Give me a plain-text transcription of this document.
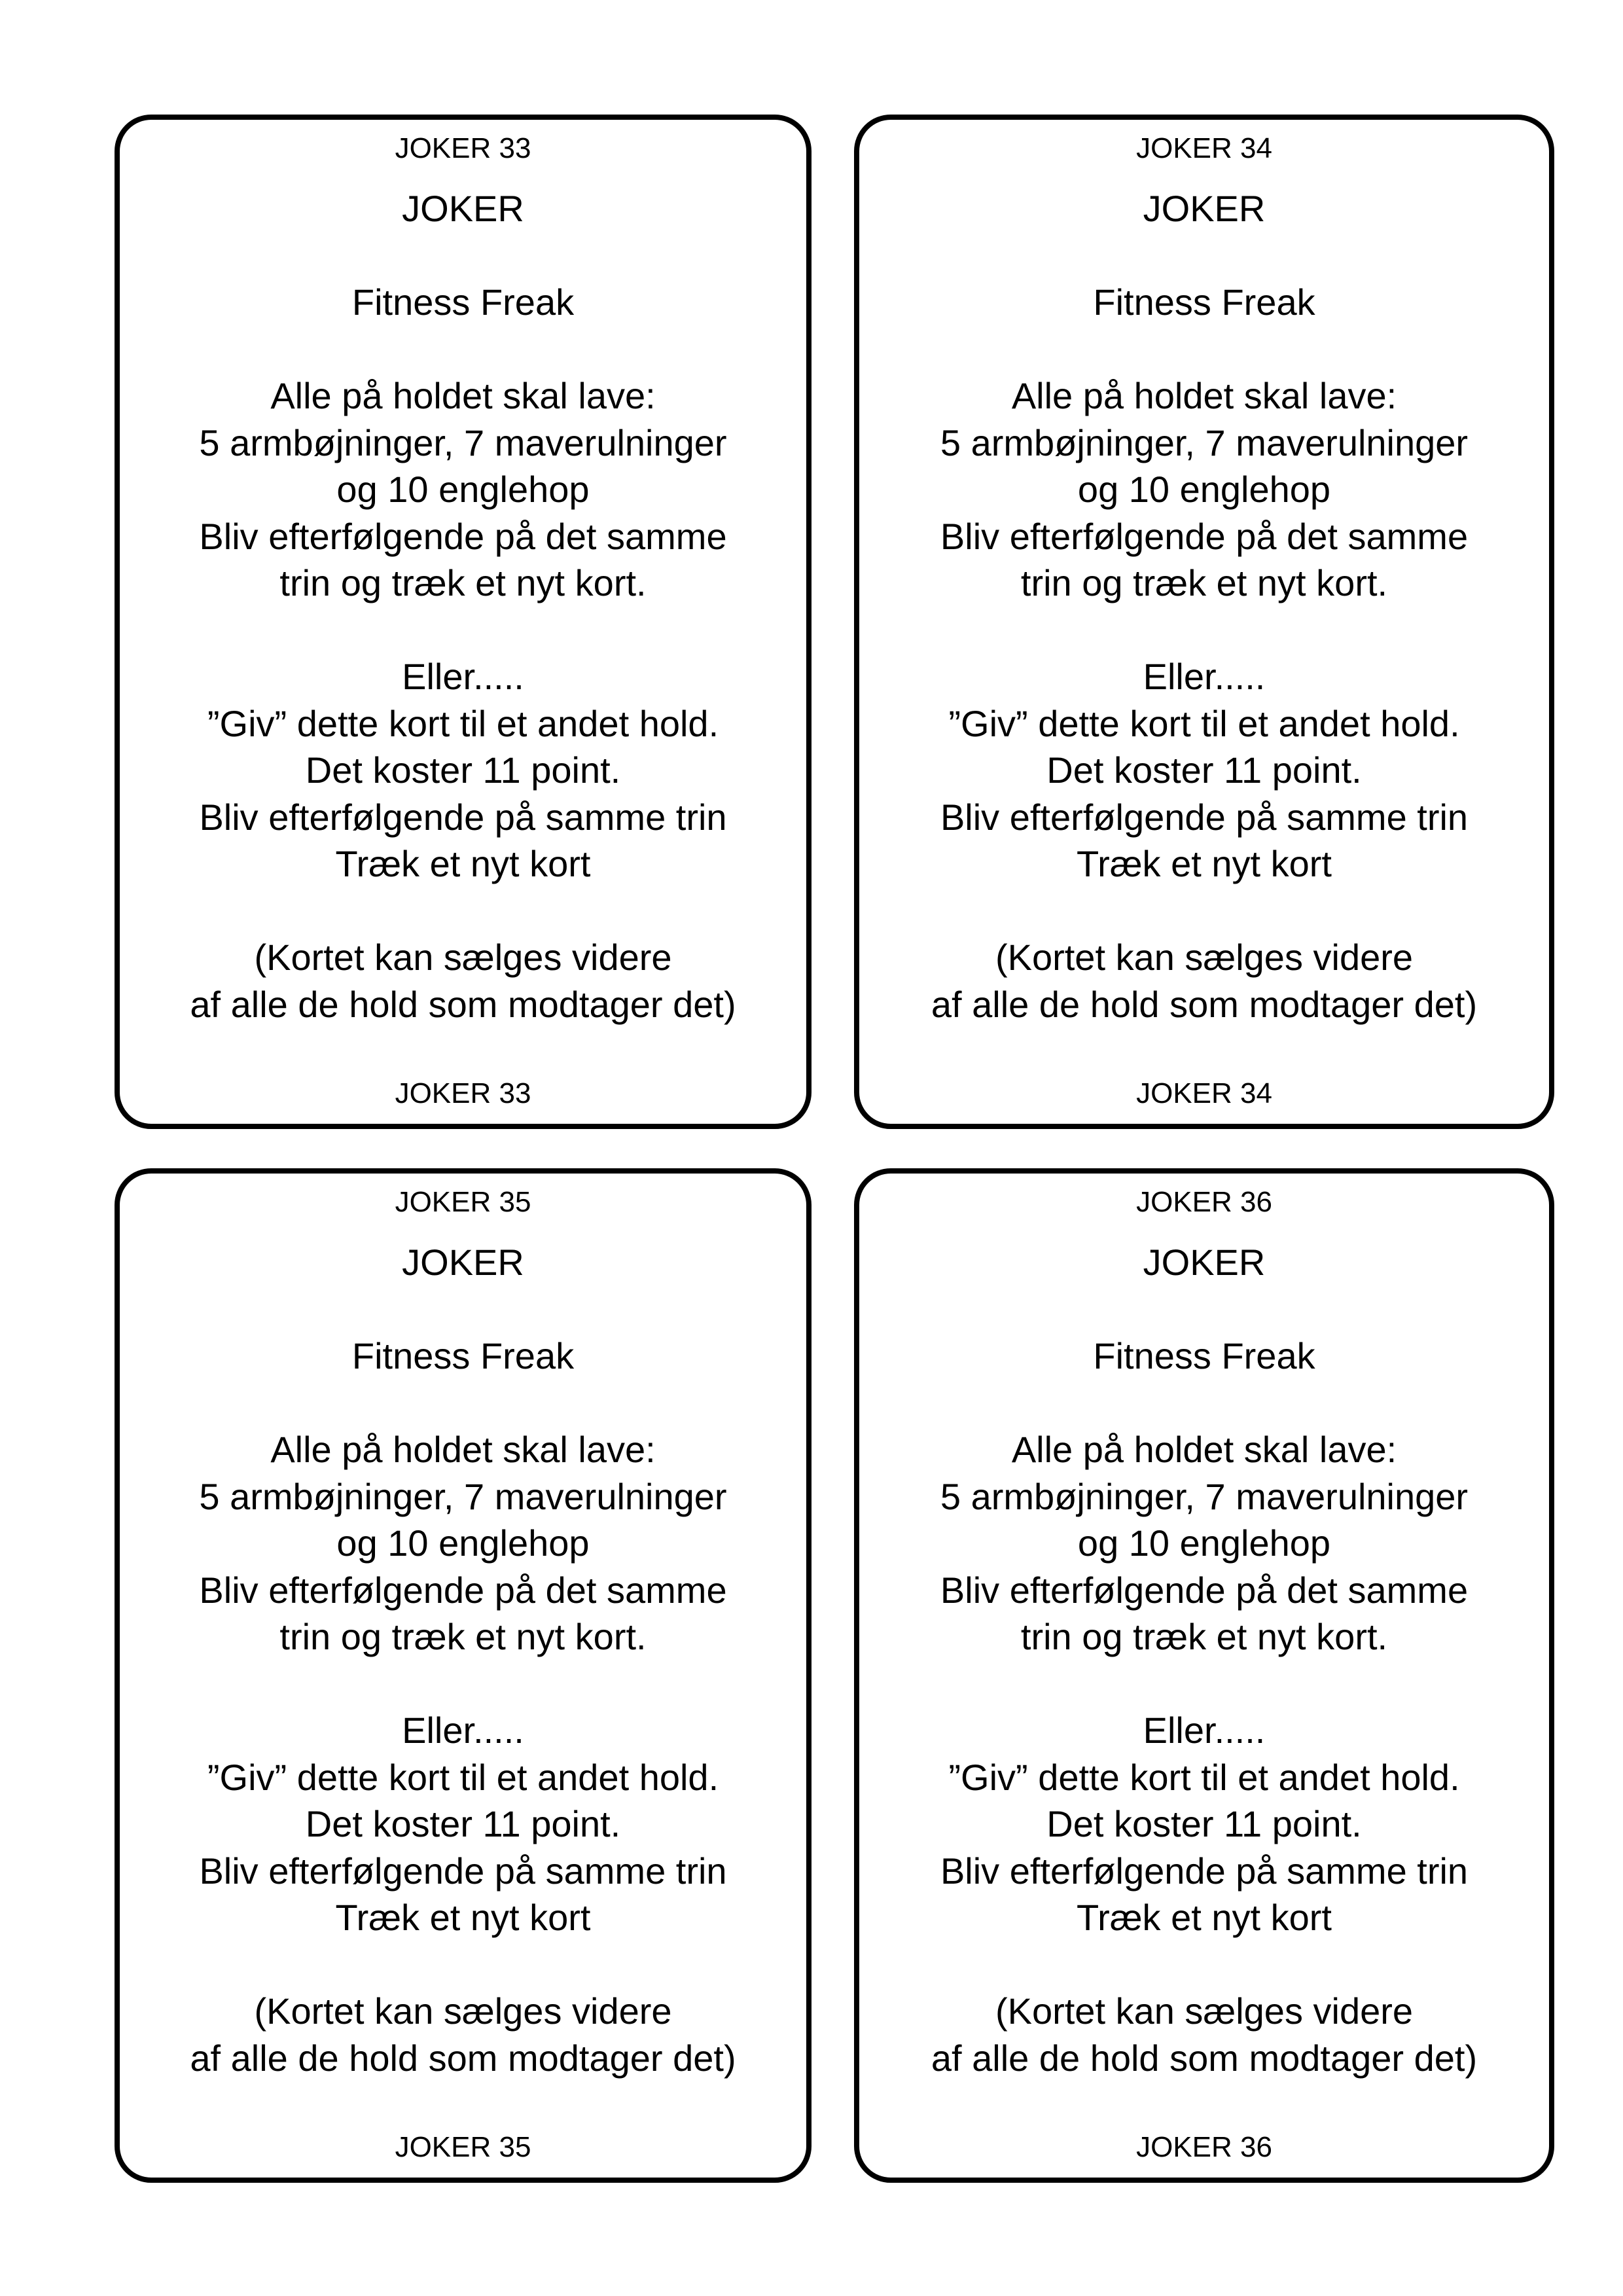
JOKER 33
JOKER
Fitness Freak
Alle på holdet skal lave:
5 armbøjninger, 7 maverulninger
og 10 englehop
Bliv efterfølgende på det samme
trin og træk et nyt kort.
Eller.....
”Giv” dette kort til et andet hold.
Det koster 11 point.
Bliv efterfølgende på samme trin
Træk et nyt kort
(Kortet kan sælges videre
af alle de hold som modtager det)
JOKER 33
JOKER 34
JOKER
Fitness Freak
Alle på holdet skal lave:
5 armbøjninger, 7 maverulninger
og 10 englehop
Bliv efterfølgende på det samme
trin og træk et nyt kort.
Eller.....
”Giv” dette kort til et andet hold.
Det koster 11 point.
Bliv efterfølgende på samme trin
Træk et nyt kort
(Kortet kan sælges videre
af alle de hold som modtager det)
JOKER 34
JOKER 35
JOKER
Fitness Freak
Alle på holdet skal lave:
5 armbøjninger, 7 maverulninger
og 10 englehop
Bliv efterfølgende på det samme
trin og træk et nyt kort.
Eller.....
”Giv” dette kort til et andet hold.
Det koster 11 point.
Bliv efterfølgende på samme trin
Træk et nyt kort
(Kortet kan sælges videre
af alle de hold som modtager det)
JOKER 35
JOKER 36
JOKER
Fitness Freak
Alle på holdet skal lave:
5 armbøjninger, 7 maverulninger
og 10 englehop
Bliv efterfølgende på det samme
trin og træk et nyt kort.
Eller.....
”Giv” dette kort til et andet hold.
Det koster 11 point.
Bliv efterfølgende på samme trin
Træk et nyt kort
(Kortet kan sælges videre
af alle de hold som modtager det)
JOKER 36
